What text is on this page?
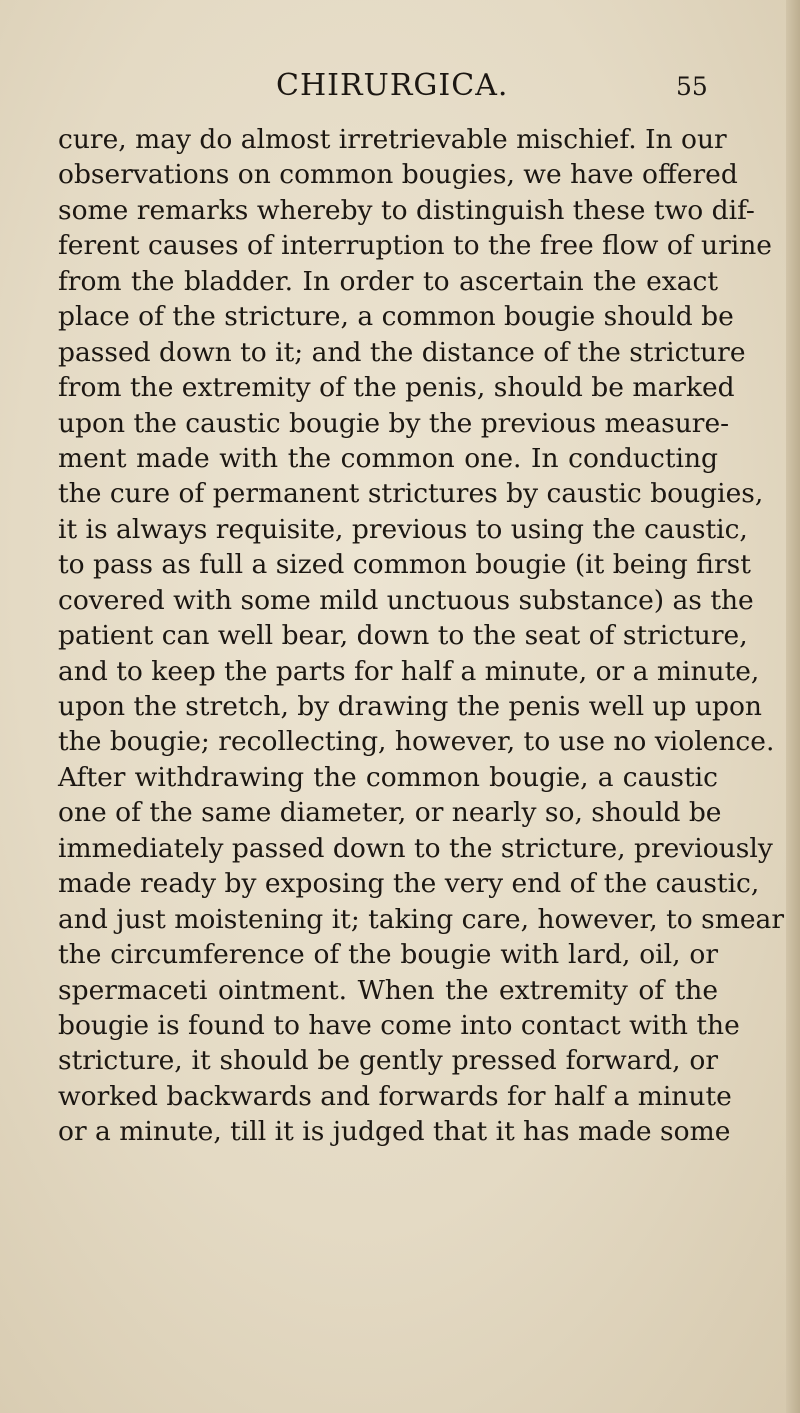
CHIRURGICA.	55
cure, may do almost irretrievable mischief. In our
observations on common bougies, we have offered
some remarks whereby to distinguish these two dif-
ferent causes of interruption to the free flow of urine
from the bladder. In order to ascertain the exact
place of the stricture, a common bougie should be
passed down to it; and the distance of the stricture
from the extremity of the penis, should be marked
upon the caustic bougie by the previous measure-
ment made with the common one. In conducting
the cure of permanent strictures by caustic bougies,
it is always requisite, previous to using the caustic,
to pass as full a sized common bougie (it being first
covered with some mild unctuous substance) as the
patient can well bear, down to the seat of stricture,
and to keep the parts for half a minute, or a minute,
upon the stretch, by drawing the penis well up upon
the bougie; recollecting, however, to use no violence.
After withdrawing the common bougie, a caustic
one of the same diameter, or nearly so, should be
immediately passed down to the stricture, previously
made ready by exposing the very end of the caustic,
and just moistening it; taking care, however, to smear
the circumference of the bougie with lard, oil, or
spermaceti ointment. When the extremity of the
bougie is found to have come into contact with the
stricture, it should be gently pressed forward, or
worked backwards and forwards for half a minute
or a minute, till it is judged that it has made some
